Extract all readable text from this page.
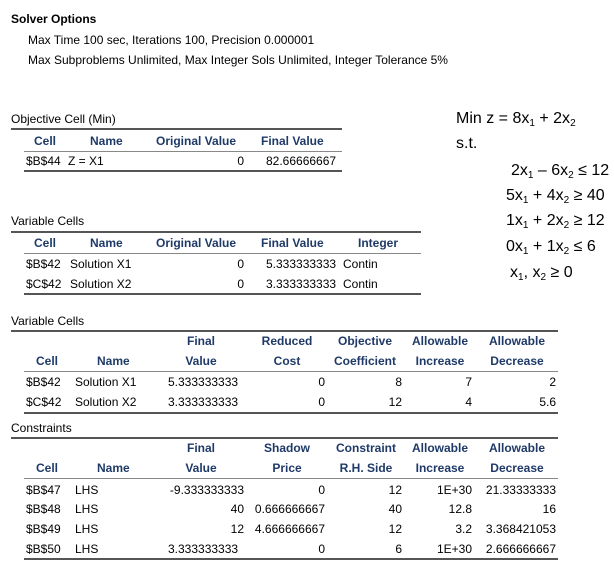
Solver Options
Max Time 100 sec, Iterations 100, Precision 0.000001
Max Subproblems Unlimited, Max Integer Sols Unlimited, Integer Tolerance 5%
Objective Cell (Min)
Cell	Name	Original Value Final Value
$B$44 Z = X1	0 82.66666667
Variable Cells
Cell	Name	Original Value Final Value	Integer
$B$42 Solution X1	0 5.333333333 Contin
$C$42 Solution X2	0 3.333333333 Contin
Variable Cells
Final	Reduced	Objective	Allowable	Allowable
Cell	Name	Value	Cost	Coefficient	Increase	Decrease
$B$42 Solution X1	5.333333333	0	8	7	2
$C$42 Solution X2	3.333333333	0	12	4	5.6
Constraints
Final	Shadow	Constraint	Allowable	Allowable
Cell	Name	Value	Price	R.H. Side	Increase	Decrease
$B$47 LHS	-9.333333333	0	12	1E+30	21.33333333
$B$48 LHS	40 0.666666667	40	12.8	16
$B$49 LHS	12 4.666666667	12	3.2	3.368421053
$B$50 LHS	3.333333333	0	6	1E+30	2.666666667
Min $z = 8x_1 + 2x_2$
s.t.
$2x_1 - 6x_2 \le 12$
$5x_1 + 4x_2 \ge 40$
$1x_1 + 2x_2 \ge 12$
$0x_1 + 1x_2 \le 6$
$x_1$, $x_2 \ge 0$
